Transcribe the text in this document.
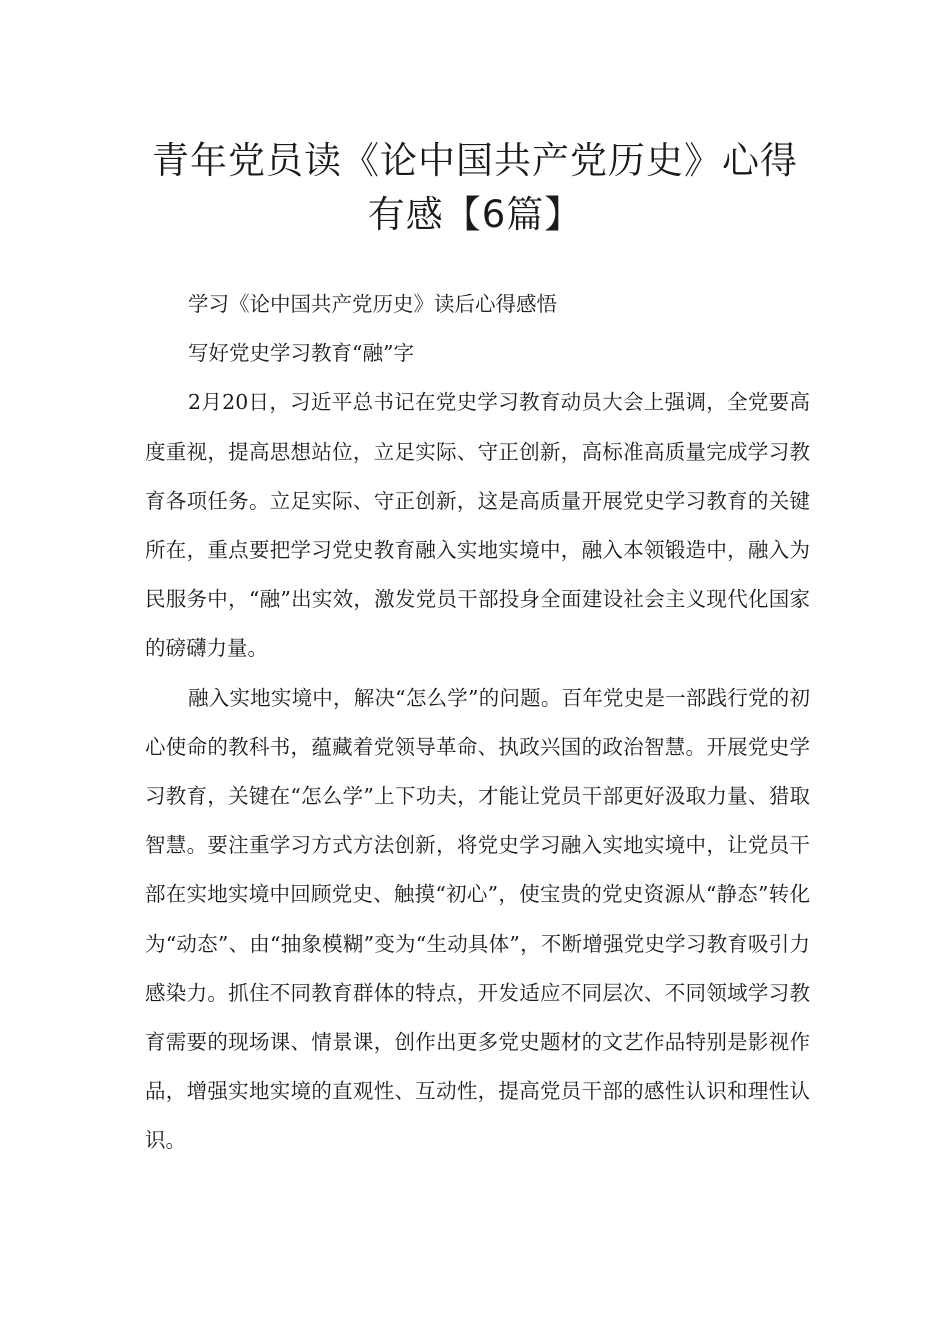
青年党员读《论中国共产党历史》心得
有感【6篇】

学习《论中国共产党历史》读后心得感悟

写好党史学习教育“融”字

2月20日，习近平总书记在党史学习教育动员大会上强调，全党要高度重视，提高思想站位，立足实际、守正创新，高标准高质量完成学习教育各项任务。立足实际、守正创新，这是高质量开展党史学习教育的关键所在，重点要把学习党史教育融入实地实境中，融入本领锻造中，融入为民服务中，“融”出实效，激发党员干部投身全面建设社会主义现代化国家的磅礴力量。

融入实地实境中，解决“怎么学”的问题。百年党史是一部践行党的初心使命的教科书，蕴藏着党领导革命、执政兴国的政治智慧。开展党史学习教育，关键在“怎么学”上下功夫，才能让党员干部更好汲取力量、猎取智慧。要注重学习方式方法创新，将党史学习融入实地实境中，让党员干部在实地实境中回顾党史、触摸“初心”，使宝贵的党史资源从“静态”转化为“动态”、由“抽象模糊”变为“生动具体”，不断增强党史学习教育吸引力感染力。抓住不同教育群体的特点，开发适应不同层次、不同领域学习教育需要的现场课、情景课，创作出更多党史题材的文艺作品特别是影视作品，增强实地实境的直观性、互动性，提高党员干部的感性认识和理性认识。
